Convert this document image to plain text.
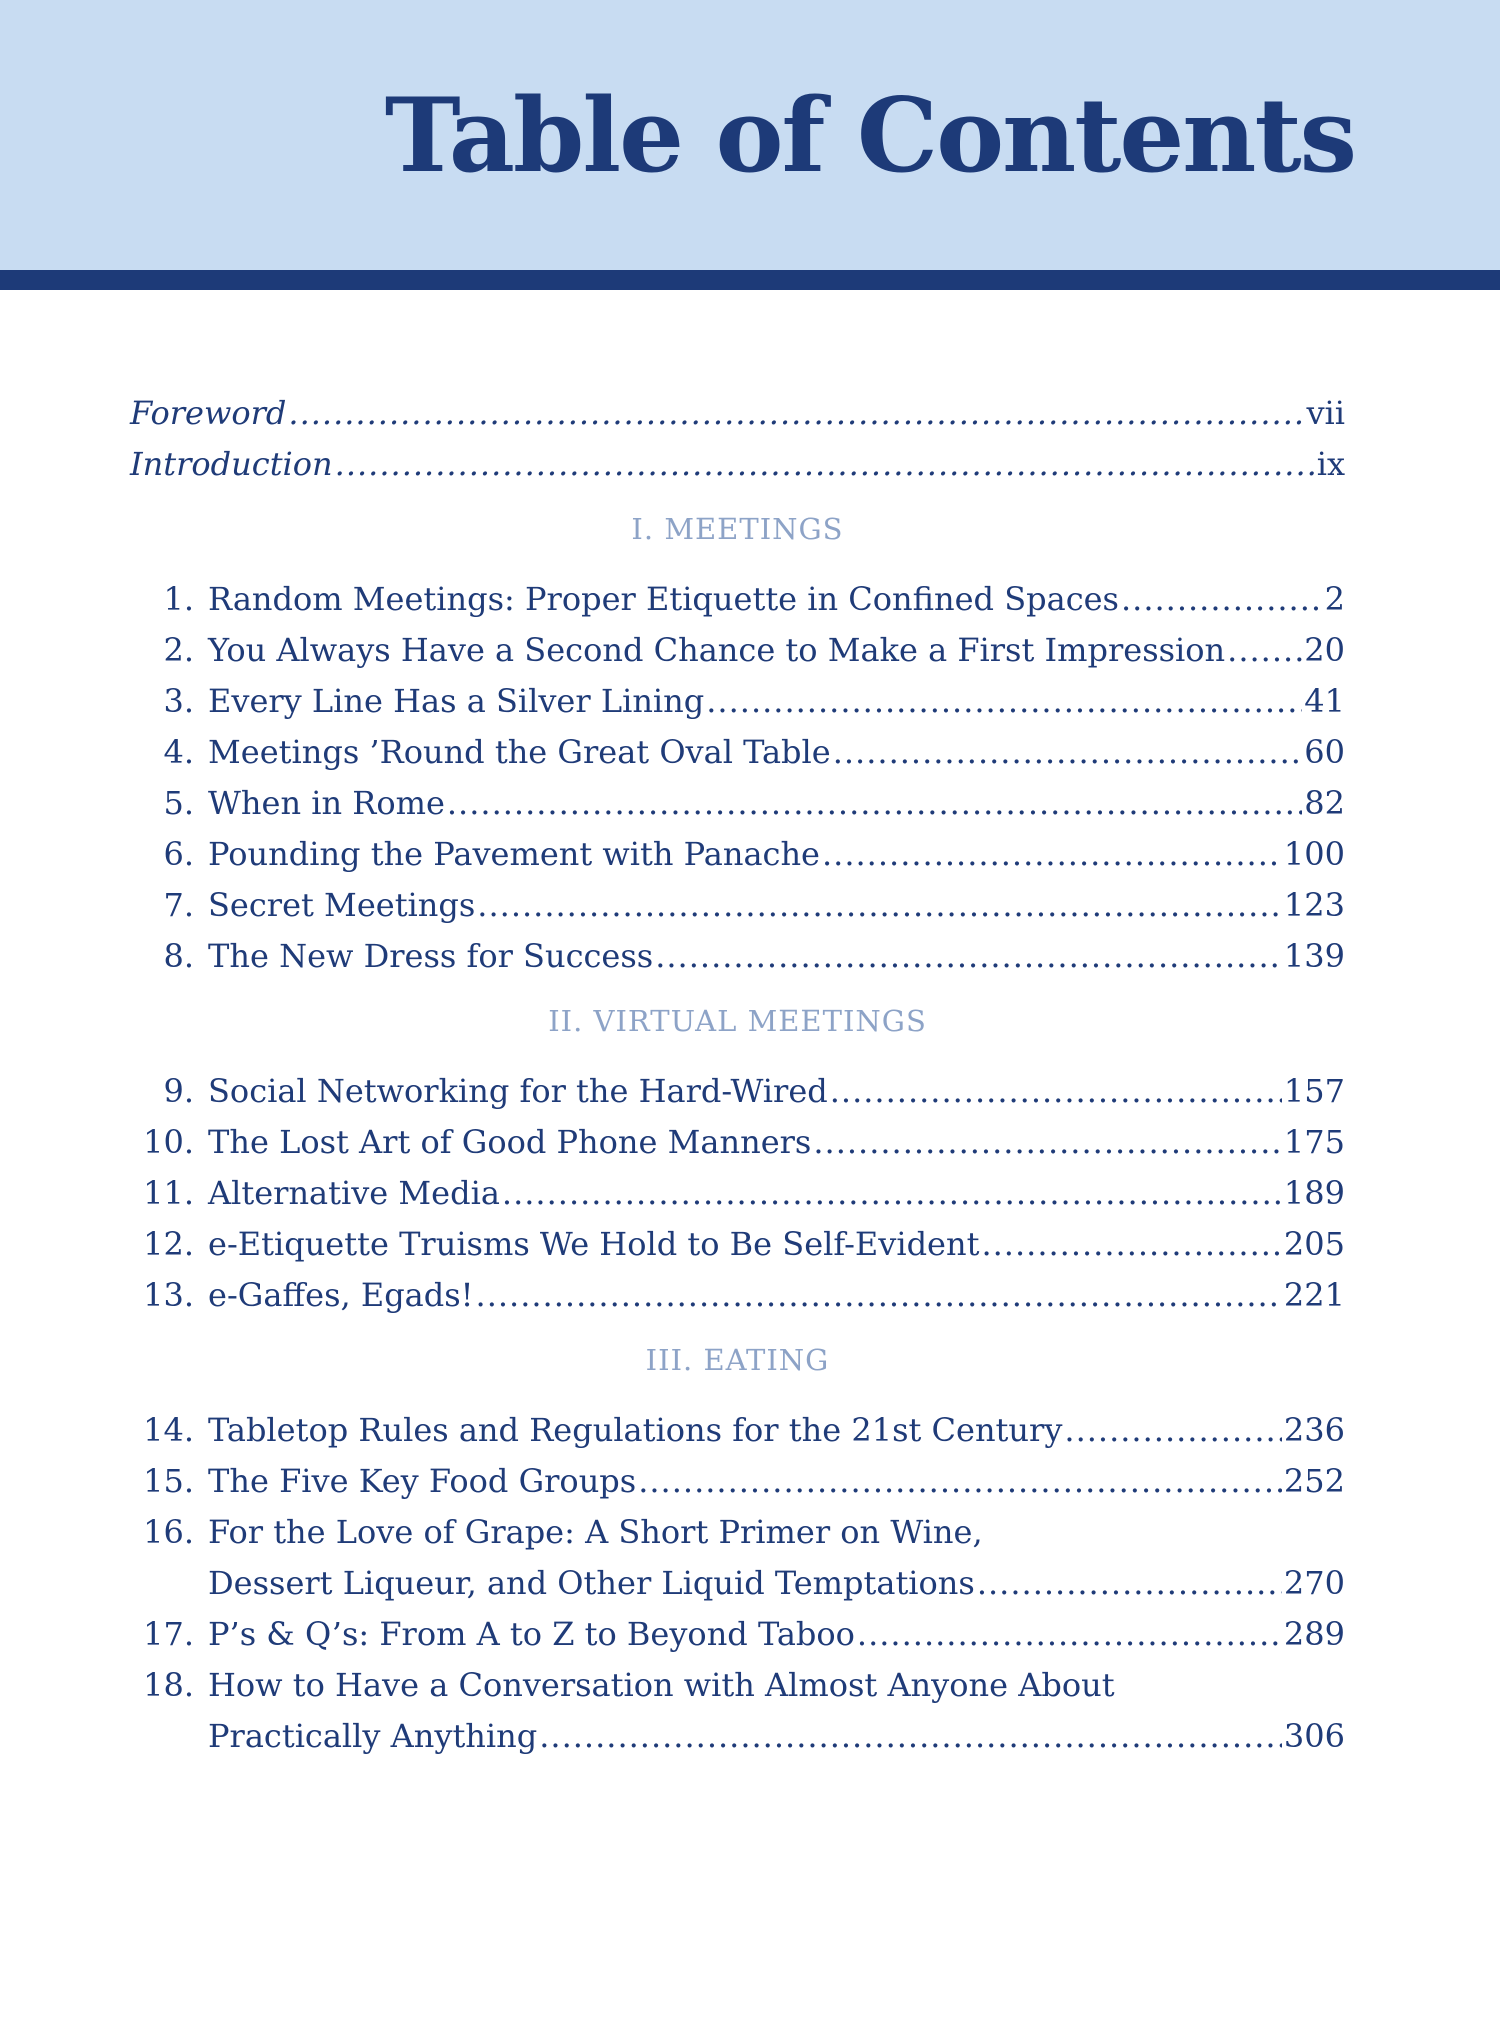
Table of Contents
Foreword .....	vii
Introduction .....	ix
I. MEETINGS
1. Random Meetings: Proper Etiquette in Confined Spaces .....	2
2. You Always Have a Second Chance to Make a First Impression ..... 20
3. Every Line Has a Silver Lining .....	41
4. Meetings ’Round the Great Oval Table .....	60
5. When in Rome .....	82
6. Pounding the Pavement with Panache .....	100
7. Secret Meetings .....	123
8. The New Dress for Success .....	139
II. VIRTUAL MEETINGS
9. Social Networking for the Hard-Wired .....	157
10. The Lost Art of Good Phone Manners .....	175
11. Alternative Media .....	189
12. e-Etiquette Truisms We Hold to Be Self-Evident .....	205
13. e-Gaffes, Egads! .....	221
III. EATING
14. Tabletop Rules and Regulations for the 21st Century .....	236
15. The Five Key Food Groups .....	252
16. For the Love of Grape: A Short Primer on Wine,
Dessert Liqueur, and Other Liquid Temptations .....	270
17. P’s & Q’s: From A to Z to Beyond Taboo .....	289
18. How to Have a Conversation with Almost Anyone About
Practically Anything .....	306
